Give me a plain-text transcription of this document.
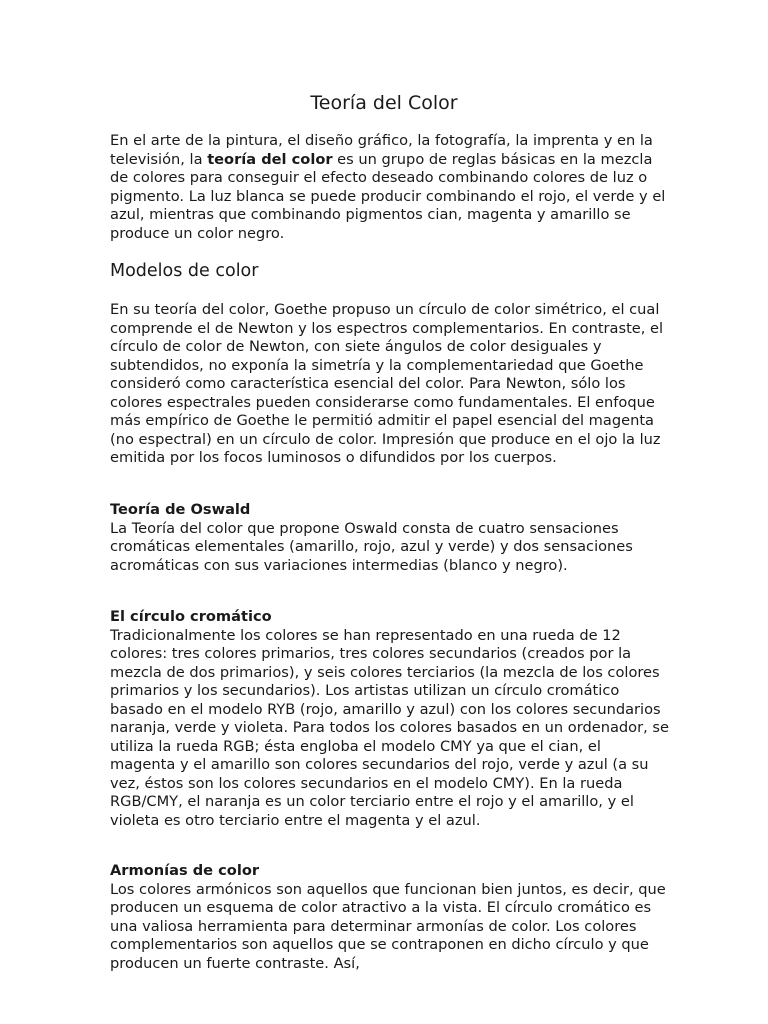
Teoría del Color

En el arte de la pintura, el diseño gráfico, la fotografía, la imprenta y en la televisión, la teoría del color es un grupo de reglas básicas en la mezcla de colores para conseguir el efecto deseado combinando colores de luz o pigmento. La luz blanca se puede producir combinando el rojo, el verde y el azul, mientras que combinando pigmentos cian, magenta y amarillo se produce un color negro.

Modelos de color

En su teoría del color, Goethe propuso un círculo de color simétrico, el cual comprende el de Newton y los espectros complementarios. En contraste, el círculo de color de Newton, con siete ángulos de color desiguales y subtendidos, no exponía la simetría y la complementariedad que Goethe consideró como característica esencial del color. Para Newton, sólo los colores espectrales pueden considerarse como fundamentales. El enfoque más empírico de Goethe le permitió admitir el papel esencial del magenta (no espectral) en un círculo de color. Impresión que produce en el ojo la luz emitida por los focos luminosos o difundidos por los cuerpos.

Teoría de Oswald
La Teoría del color que propone Oswald consta de cuatro sensaciones cromáticas elementales (amarillo, rojo, azul y verde) y dos sensaciones acromáticas con sus variaciones intermedias (blanco y negro).
El círculo cromático
Tradicionalmente los colores se han representado en una rueda de 12 colores: tres colores primarios, tres colores secundarios (creados por la mezcla de dos primarios), y seis colores terciarios (la mezcla de los colores primarios y los secundarios). Los artistas utilizan un círculo cromático basado en el modelo RYB (rojo, amarillo y azul) con los colores secundarios naranja, verde y violeta. Para todos los colores basados en un ordenador, se utiliza la rueda RGB; ésta engloba el modelo CMY ya que el cian, el magenta y el amarillo son colores secundarios del rojo, verde y azul (a su vez, éstos son los colores secundarios en el modelo CMY). En la rueda RGB/CMY, el naranja es un color terciario entre el rojo y el amarillo, y el violeta es otro terciario entre el magenta y el azul.
Armonías de color
Los colores armónicos son aquellos que funcionan bien juntos, es decir, que producen un esquema de color atractivo a la vista. El círculo cromático es una valiosa herramienta para determinar armonías de color. Los colores complementarios son aquellos que se contraponen en dicho círculo y que producen un fuerte contraste. Así,
